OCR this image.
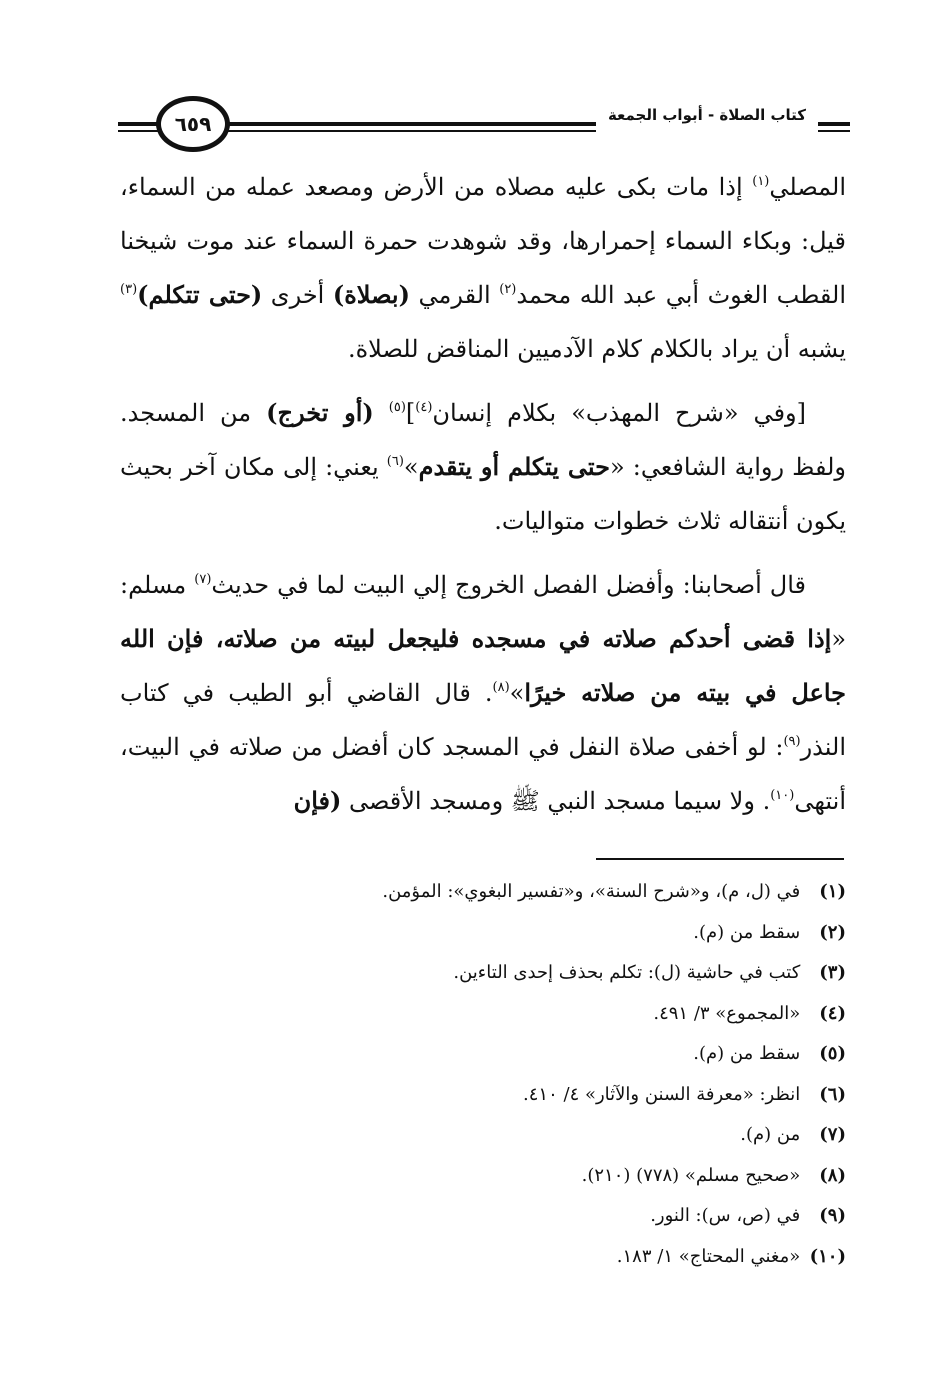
كتاب الصلاة - أبواب الجمعة
٦٥٩

المصلي$^{(١)}$ إذا مات بكى عليه مصلاه من الأرض ومصعد عمله من السماء، قيل: وبكاء السماء إحمرارها، وقد شوهدت حمرة السماء عند موت شيخنا القطب الغوث أبي عبد الله محمد$^{(٢)}$ القرمي (بصلاة) أخرى (حتى تتكلم)$^{(٣)}$ يشبه أن يراد بالكلام كلام الآدميين المناقض للصلاة.

[وفي «شرح المهذب» بكلام إنسان$^{(٤)}$]$^{(٥)}$ (أو تخرج) من المسجد. ولفظ رواية الشافعي: «حتى يتكلم أو يتقدم»$^{(٦)}$ يعني: إلى مكان آخر بحيث يكون أنتقاله ثلاث خطوات متواليات.

قال أصحابنا: وأفضل الفصل الخروج إلي البيت لما في حديث$^{(٧)}$ مسلم: «إذا قضى أحدكم صلاته في مسجده فليجعل لبيته من صلاته، فإن الله جاعل في بيته من صلاته خيرًا»$^{(٨)}$. قال القاضي أبو الطيب في كتاب النذر$^{(٩)}$: لو أخفى صلاة النفل في المسجد كان أفضل من صلاته في البيت، أنتهى$^{(١٠)}$. ولا سيما مسجد النبي ﷺ ومسجد الأقصى (فإن

(١) في (ل، م)، و«شرح السنة»، و«تفسير البغوي»: المؤمن.
(٢) سقط من (م).
(٣) كتب في حاشية (ل): تكلم بحذف إحدى التاءين.
(٤) «المجموع» ٣/ ٤٩١.
(٥) سقط من (م).
(٦) انظر: «معرفة السنن والآثار» ٤/ ٤١٠.
(٧) من (م).
(٨) «صحيح مسلم» (٧٧٨) (٢١٠).
(٩) في (ص، س): النور.
(١٠) «مغني المحتاج» ١/ ١٨٣.
